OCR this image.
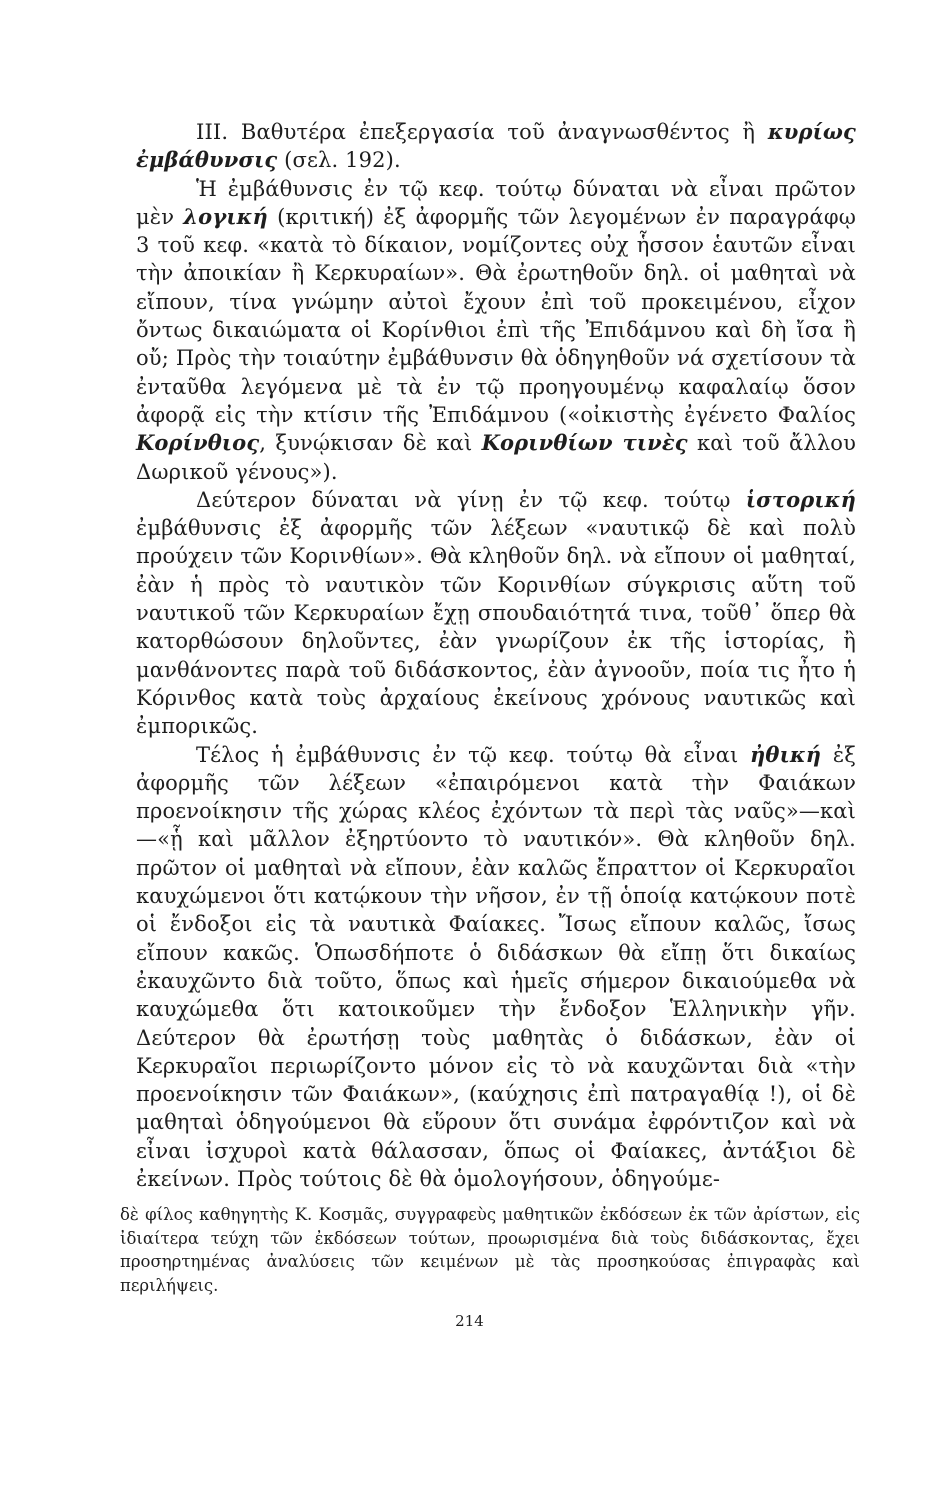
III. Βαθυτέρα ἐπεξεργασία τοῦ ἀναγνωσθέντος ἢ κυρίως ἐμβάθυνσις (σελ. 192).

Ἡ ἐμβάθυνσις ἐν τῷ κεφ. τούτῳ δύναται νὰ εἶναι πρῶτον μὲν λογική (κριτική) ἐξ ἀφορμῆς τῶν λεγομένων ἐν παραγράφῳ 3 τοῦ κεφ. «κατὰ τὸ δίκαιον, νομίζοντες οὐχ ἧσσον ἑαυτῶν εἶναι τὴν ἀποικίαν ἢ Κερκυραίων». Θὰ ἐρωτηθοῦν δηλ. οἱ μαθηταὶ νὰ εἴπουν, τίνα γνώμην αὐτοὶ ἔχουν ἐπὶ τοῦ προκειμένου, εἶχον ὄντως δικαιώματα οἱ Κορίνθιοι ἐπὶ τῆς Ἐπιδάμνου καὶ δὴ ἴσα ἢ οὔ; Πρὸς τὴν τοιαύτην ἐμβάθυνσιν θὰ ὁδηγηθοῦν νά σχετίσουν τὰ ἐνταῦθα λεγόμενα μὲ τὰ ἐν τῷ προηγουμένῳ καφαλαίῳ ὅσον ἀφορᾷ εἰς τὴν κτίσιν τῆς Ἐπιδάμνου («οἰκιστὴς ἐγένετο Φαλίος Κορίνθιος, ξυνῴκισαν δὲ καὶ Κορινθίων τινὲς καὶ τοῦ ἄλλου Δωρικοῦ γένους»).

Δεύτερον δύναται νὰ γίνῃ ἐν τῷ κεφ. τούτῳ ἱστορική ἐμβάθυνσις ἐξ ἀφορμῆς τῶν λέξεων «ναυτικῷ δὲ καὶ πολὺ προύχειν τῶν Κορινθίων». Θὰ κληθοῦν δηλ. νὰ εἴπουν οἱ μαθηταί, ἐὰν ἡ πρὸς τὸ ναυτικὸν τῶν Κορινθίων σύγκρισις αὕτη τοῦ ναυτικοῦ τῶν Κερκυραίων ἔχῃ σπουδαιότητά τινα, τοῦθ᾽ ὅπερ θὰ κατορθώσουν δηλοῦντες, ἐὰν γνωρίζουν ἐκ τῆς ἱστορίας, ἢ μανθάνοντες παρὰ τοῦ διδάσκοντος, ἐὰν ἀγνοοῦν, ποία τις ἦτο ἡ Κόρινθος κατὰ τοὺς ἀρχαίους ἐκείνους χρόνους ναυτικῶς καὶ ἐμπορικῶς.

Τέλος ἡ ἐμβάθυνσις ἐν τῷ κεφ. τούτῳ θὰ εἶναι ἠθική ἐξ ἀφορμῆς τῶν λέξεων «ἐπαιρόμενοι κατὰ τὴν Φαιάκων προενοίκησιν τῆς χώρας κλέος ἐχόντων τὰ περὶ τὰς ναῦς»—καὶ—«ᾗ καὶ μᾶλλον ἐξηρτύοντο τὸ ναυτικόν». Θὰ κληθοῦν δηλ. πρῶτον οἱ μαθηταὶ νὰ εἴπουν, ἐὰν καλῶς ἔπραττον οἱ Κερκυραῖοι καυχώμενοι ὅτι κατῴκουν τὴν νῆσον, ἐν τῇ ὁποίᾳ κατῴκουν ποτὲ οἱ ἔνδοξοι εἰς τὰ ναυτικὰ Φαίακες. Ἴσως εἴπουν καλῶς, ἴσως εἴπουν κακῶς. Ὁπωσδήποτε ὁ διδάσκων θὰ εἴπῃ ὅτι δικαίως ἐκαυχῶντο διὰ τοῦτο, ὅπως καὶ ἡμεῖς σήμερον δικαιούμεθα νὰ καυχώμεθα ὅτι κατοικοῦμεν τὴν ἔνδοξον Ἑλληνικὴν γῆν. Δεύτερον θὰ ἐρωτήσῃ τοὺς μαθητὰς ὁ διδάσκων, ἐὰν οἱ Κερκυραῖοι περιωρίζοντο μόνον εἰς τὸ νὰ καυχῶνται διὰ «τὴν προενοίκησιν τῶν Φαιάκων», (καύχησις ἐπὶ πατραγαθίᾳ !), οἱ δὲ μαθηταὶ ὁδηγούμενοι θὰ εὕρουν ὅτι συνάμα ἐφρόντιζον καὶ νὰ εἶναι ἰσχυροὶ κατὰ θάλασσαν, ὅπως οἱ Φαίακες, ἀντάξιοι δὲ ἐκείνων. Πρὸς τούτοις δὲ θὰ ὁμολογήσουν, ὁδηγούμε-

δὲ φίλος καθηγητὴς Κ. Κοσμᾶς, συγγραφεὺς μαθητικῶν ἐκδόσεων ἐκ τῶν ἀρίστων, εἰς ἰδιαίτερα τεύχη τῶν ἐκδόσεων τούτων, προωρισμένα διὰ τοὺς διδάσκοντας, ἔχει προσηρτημένας ἀναλύσεις τῶν κειμένων μὲ τὰς προσηκούσας ἐπιγραφὰς καὶ περιλήψεις.

214
